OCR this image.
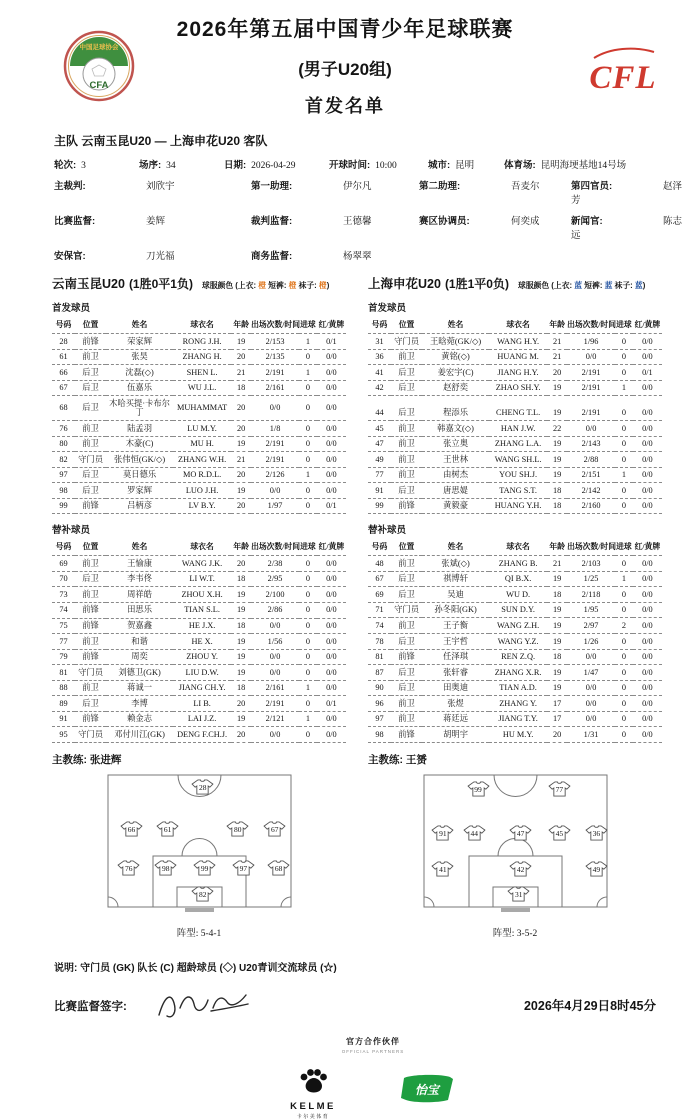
中国足球协会
CFA	CFL
2026年第五届中国青少年足球联赛
(男子U20组)
首发名单
主队 云南玉昆U20 — 上海申花U20 客队
轮次: 3	场序: 34	日期: 2026-04-29	开球时间: 10:00	城市: 昆明	体育场: 昆明海埂基地14号场
主裁判:	刘欣宇	第一助理:	伊尔凡	第二助理:	吾麦尔	第四官员:	赵泽芳
比赛监督:	姜辉	裁判监督:	王德馨	赛区协调员:	何奕成	新闻官:	陈志远
安保官:	刀光福	商务监督:	杨翠翠
云南玉昆U20 (1胜0平1负) 球服颜色 (上衣: 橙 短裤: 橙 袜子: 橙)
首发球员
号码	位置	姓名	球衣名	年龄	出场次数/时间	进球	红/黄牌
28	前锋	荣家辉	RONG J.H.	19	2/153	1	0/1
61	前卫	张昊	ZHANG H.	20	2/135	0	0/0
66	后卫	沈磊(◇)	SHEN L.	21	2/191	1	0/0
67	后卫	伍嘉乐	WU J.L.	18	2/161	0	0/0
68	后卫	木哈买提·卡布尔丁	MUHAMMAT	20	0/0	0	0/0
76	前卫	陆孟羽	LU M.Y.	20	1/8	0	0/0
80	前卫	木豪(C)	MU H.	19	2/191	0	0/0
82	守门员	张伟恒(GK/◇)	ZHANG W.H.	21	2/191	0	0/0
97	后卫	莫日德乐	MO R.D.L.	20	2/126	1	0/0
98	后卫	罗家辉	LUO J.H.	19	0/0	0	0/0
99	前锋	吕柄彦	LV B.Y.	20	1/97	0	0/1
替补球员
号码	位置	姓名	球衣名	年龄	出场次数/时间	进球	红/黄牌
69	前卫	王愉康	WANG J.K.	20	2/38	0	0/0
70	后卫	李韦佟	LI W.T.	18	2/95	0	0/0
73	前卫	周祥皓	ZHOU X.H.	19	2/100	0	0/0
74	前锋	田思乐	TIAN S.L.	19	2/86	0	0/0
75	前锋	贺嘉鑫	HE J.X.	18	0/0	0	0/0
77	前卫	和谐	HE X.	19	1/56	0	0/0
79	前锋	周奕	ZHOU Y.	19	0/0	0	0/0
81	守门员	刘德卫(GK)	LIU D.W.	19	0/0	0	0/0
88	前卫	蒋诚一	JIANG CH.Y.	18	2/161	1	0/0
89	后卫	李博	LI B.	20	2/191	0	0/1
91	前锋	赖金志	LAI J.Z.	19	2/121	1	0/0
95	守门员	邓付川江(GK)	DENG F.CH.J.	20	0/0	0	0/0
主教练: 张进辉
28
66	61	80	67
76	98	99	97	68
82
阵型: 5-4-1
上海申花U20 (1胜1平0负) 球服颜色 (上衣: 蓝 短裤: 蓝 袜子: 蓝)
首发球员
号码	位置	姓名	球衣名	年龄	出场次数/时间	进球	红/黄牌
31	守门员	王晗菀(GK/◇)	WANG H.Y.	21	1/96	0	0/0
36	前卫	黄铭(◇)	HUANG M.	21	0/0	0	0/0
41	后卫	姜宏宇(C)	JIANG H.Y.	20	2/191	0	0/1
42	后卫	赵舒奕	ZHAO SH.Y.	19	2/191	1	0/0
44	后卫	程添乐	CHENG T.L.	19	2/191	0	0/0
45	前卫	韩嘉文(◇)	HAN J.W.	22	0/0	0	0/0
47	前卫	张立奥	ZHANG L.A.	19	2/143	0	0/0
49	前卫	王世林	WANG SH.L.	19	2/88	0	0/0
77	前卫	由树杰	YOU SH.J.	19	2/151	1	0/0
91	后卫	唐思媞	TANG S.T.	18	2/142	0	0/0
99	前锋	黄毅豪	HUANG Y.H.	18	2/160	0	0/0
替补球员
号码	位置	姓名	球衣名	年龄	出场次数/时间	进球	红/黄牌
48	前卫	张斌(◇)	ZHANG B.	21	2/103	0	0/0
67	后卫	祺博轩	QI B.X.	19	1/25	1	0/0
69	后卫	吴迪	WU D.	18	2/118	0	0/0
71	守门员	孙冬阳(GK)	SUN D.Y.	19	1/95	0	0/0
74	前卫	王子衡	WANG Z.H.	19	2/97	2	0/0
78	后卫	王宇哲	WANG Y.Z.	19	1/26	0	0/0
81	前锋	任泽琪	REN Z.Q.	18	0/0	0	0/0
87	后卫	张轩睿	ZHANG X.R.	19	1/47	0	0/0
90	后卫	田奥迪	TIAN A.D.	19	0/0	0	0/0
96	前卫	张煜	ZHANG Y.	17	0/0	0	0/0
97	前卫	蒋廷远	JIANG T.Y.	17	0/0	0	0/0
98	前锋	胡明宇	HU M.Y.	20	1/31	0	0/0
主教练: 王赟
99	77
91	44	47	45	36
41	42	49
31
阵型: 3-5-2
说明: 守门员 (GK) 队长 (C) 超龄球员 (◇) U20青训交流球员 (☆)
比赛监督签字:	2026年4月29日8时45分
官方合作伙伴
OFFICIAL PARTNERS
KELME
卡尔美体育
怡宝
